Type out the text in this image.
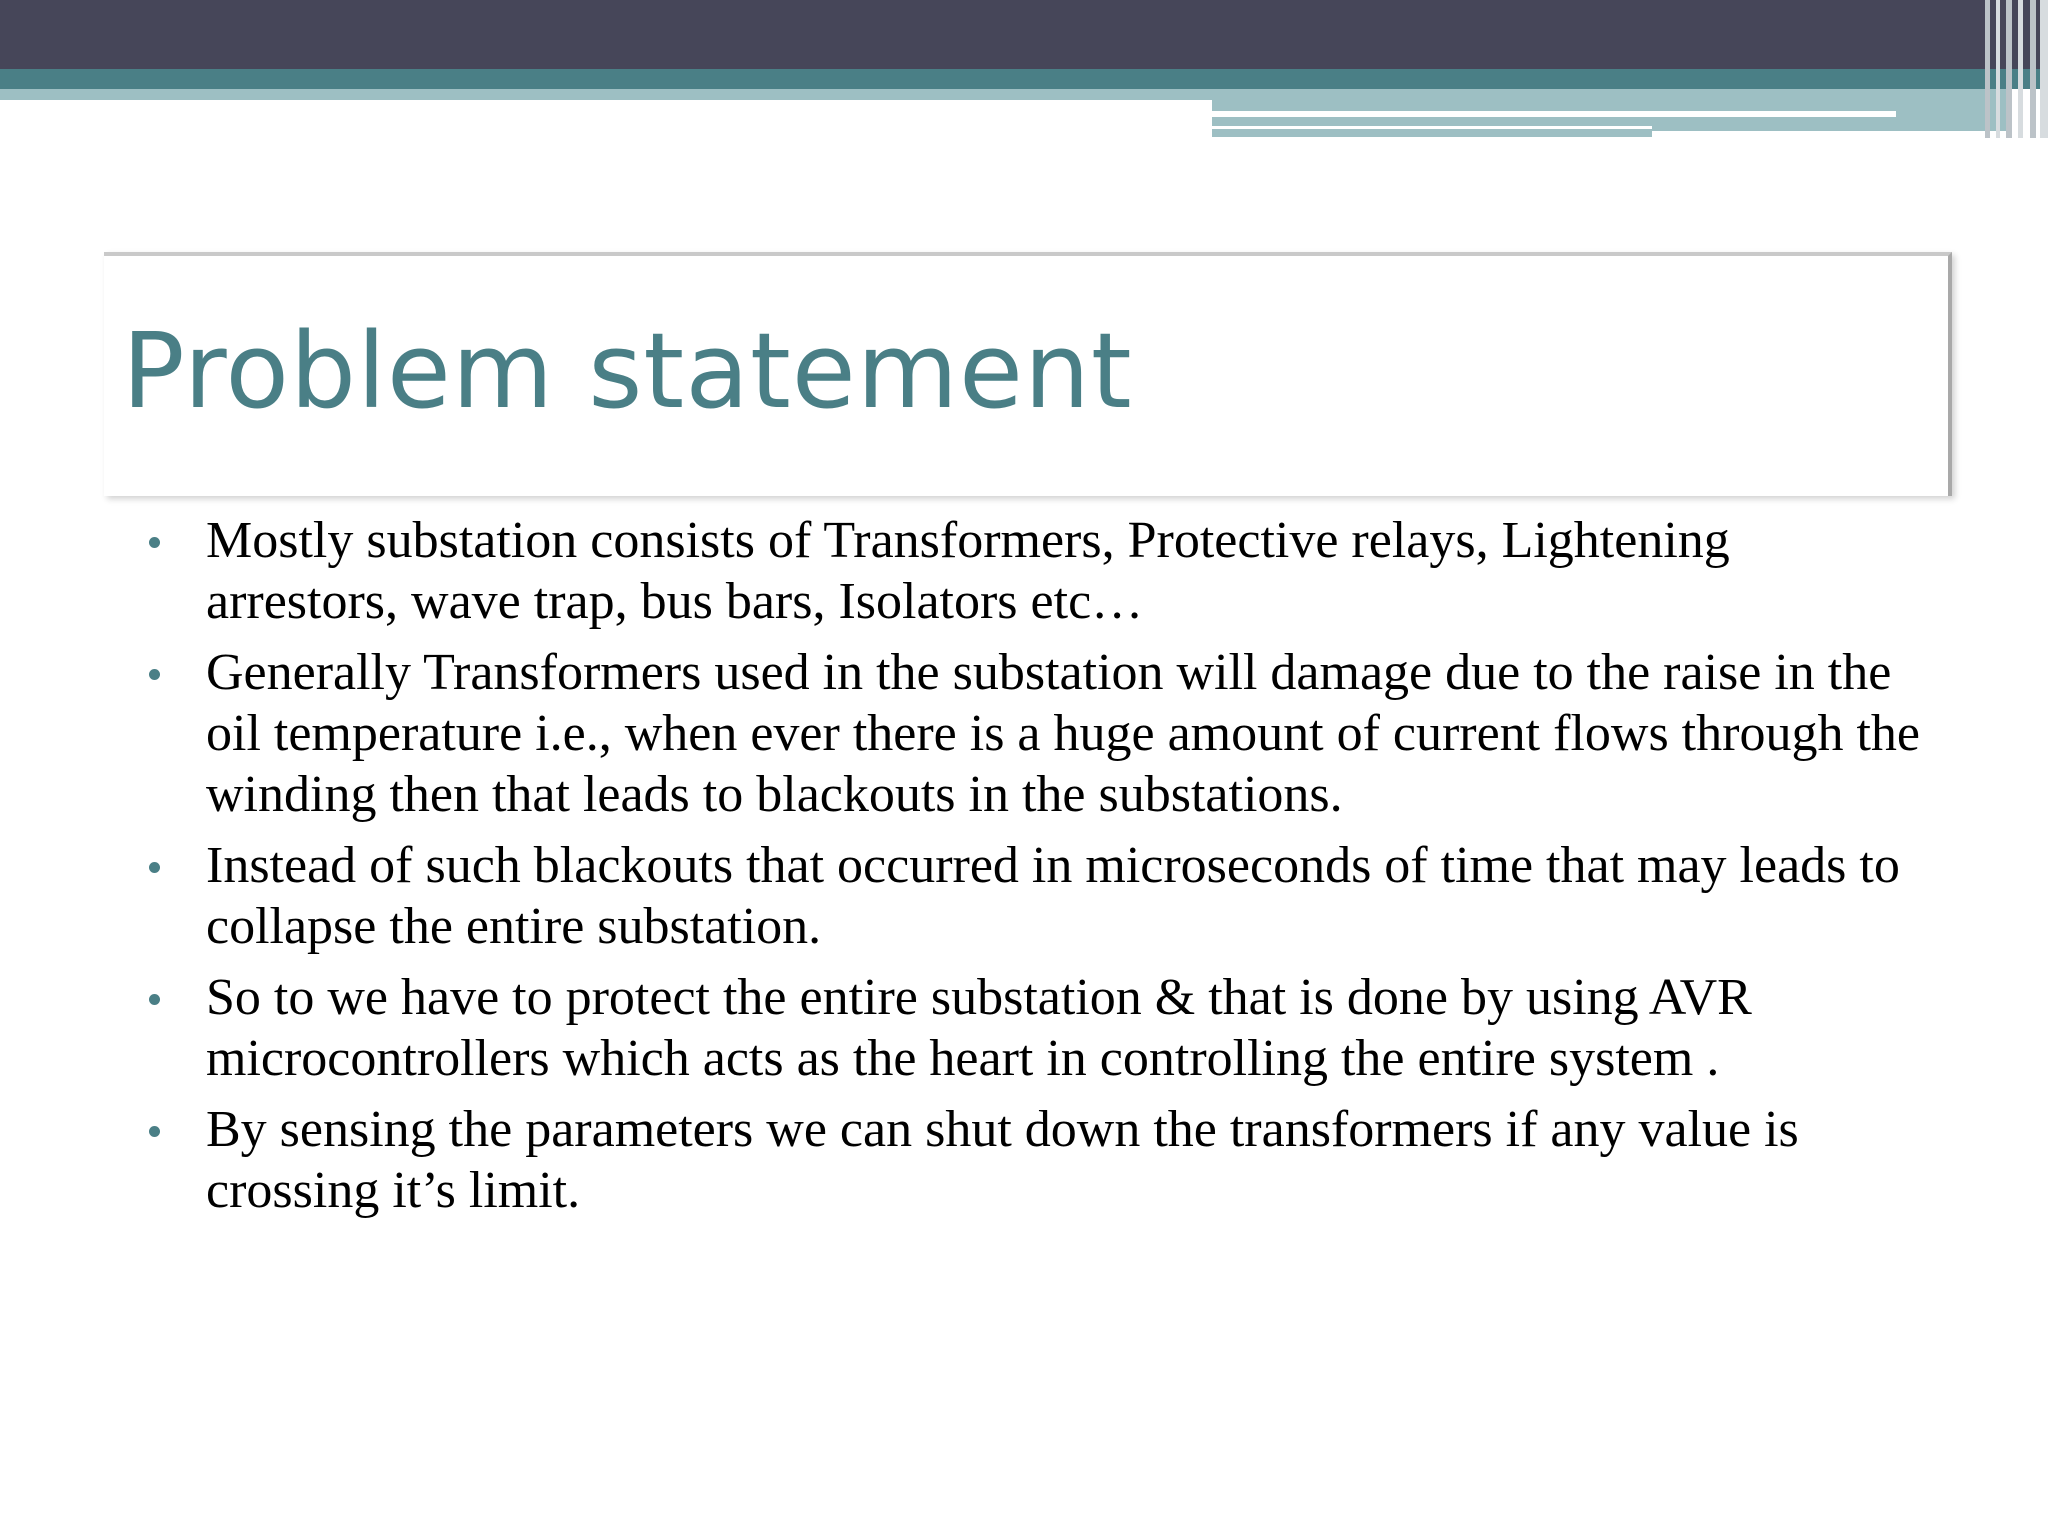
Problem statement
Mostly substation consists of Transformers, Protective relays, Lightening arrestors, wave trap, bus bars, Isolators etc…
Generally Transformers used in the substation will damage due to the raise in the oil temperature i.e., when ever there is a huge amount of current flows through the winding then that leads to blackouts in the substations.
Instead of such blackouts that occurred in microseconds of time that may leads to collapse the entire substation.
So to we have to protect the entire substation & that is done by using AVR microcontrollers which acts as the heart in controlling the entire system .
By sensing the parameters we can shut down the transformers if any value is crossing it’s limit.
